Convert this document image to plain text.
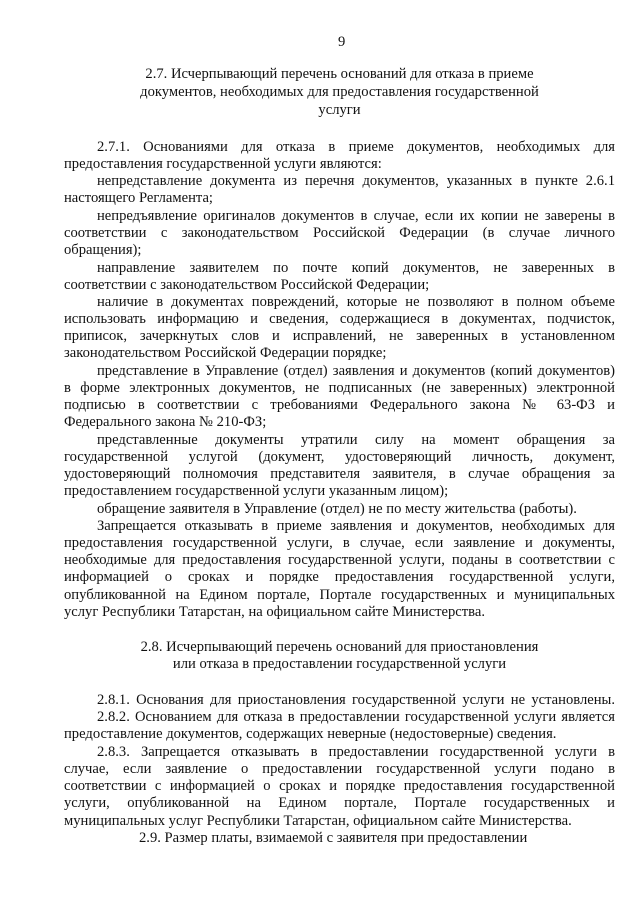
9
2.7. Исчерпывающий перечень оснований для отказа в приеме
документов, необходимых для предоставления государственной
услуги
2.7.1. Основаниями для отказа в приеме документов, необходимых для
предоставления государственной услуги являются:
непредставление документа из перечня документов, указанных в пункте 2.6.1
настоящего Регламента;
непредъявление оригиналов документов в случае, если их копии не заверены в
соответствии с законодательством Российской Федерации (в случае личного
обращения);
направление заявителем по почте копий документов, не заверенных в
соответствии с законодательством Российской Федерации;
наличие в документах повреждений, которые не позволяют в полном объеме
использовать информацию и сведения, содержащиеся в документах, подчисток,
приписок, зачеркнутых слов и исправлений, не заверенных в установленном
законодательством Российской Федерации порядке;
представление в Управление (отдел) заявления и документов (копий документов)
в форме электронных документов, не подписанных (не заверенных) электронной
подписью в соответствии с требованиями Федерального закона № 63-ФЗ и
Федерального закона № 210-ФЗ;
представленные документы утратили силу на момент обращения за
государственной услугой (документ, удостоверяющий личность, документ,
удостоверяющий полномочия представителя заявителя, в случае обращения за
предоставлением государственной услуги указанным лицом);
обращение заявителя в Управление (отдел) не по месту жительства (работы).
Запрещается отказывать в приеме заявления и документов, необходимых для
предоставления государственной услуги, в случае, если заявление и документы,
необходимые для предоставления государственной услуги, поданы в соответствии с
информацией о сроках и порядке предоставления государственной услуги,
опубликованной на Едином портале, Портале государственных и муниципальных
услуг Республики Татарстан, на официальном сайте Министерства.
2.8. Исчерпывающий перечень оснований для приостановления
или отказа в предоставлении государственной услуги
2.8.1. Основания для приостановления государственной услуги не установлены.
2.8.2. Основанием для отказа в предоставлении государственной услуги является
предоставление документов, содержащих неверные (недостоверные) сведения.
2.8.3. Запрещается отказывать в предоставлении государственной услуги в
случае, если заявление о предоставлении государственной услуги подано в
соответствии с информацией о сроках и порядке предоставления государственной
услуги, опубликованной на Едином портале, Портале государственных и
муниципальных услуг Республики Татарстан, официальном сайте Министерства.
2.9. Размер платы, взимаемой с заявителя при предоставлении
